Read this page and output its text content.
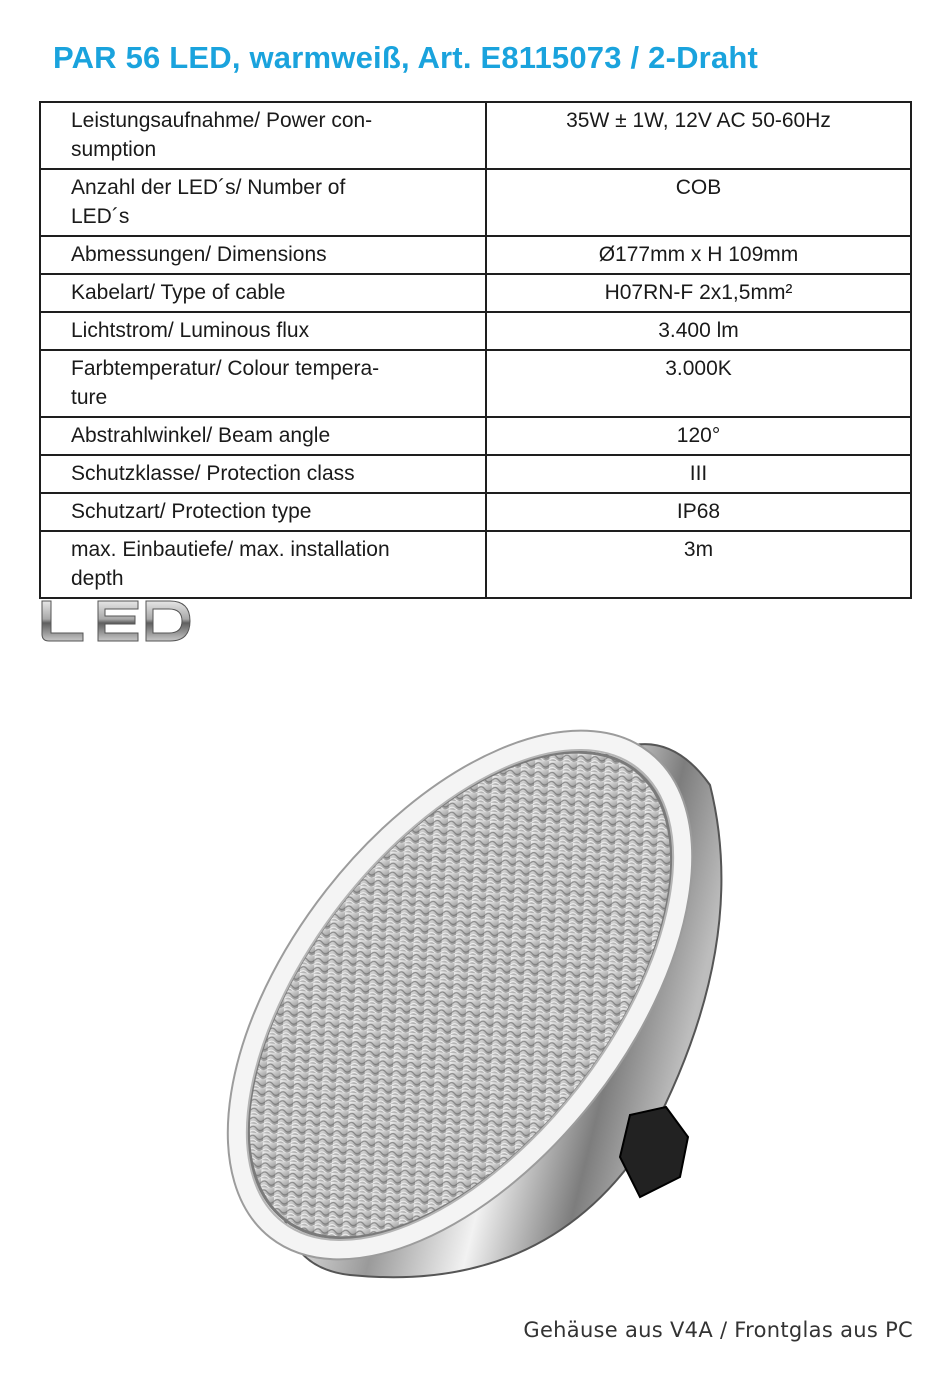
PAR 56 LED, warmweiß, Art. E8115073 / 2-Draht
Leistungsaufnahme/ Power con-
sumption	35W ± 1W, 12V AC 50-60Hz

Anzahl der LED´s/ Number of
LED´s	COB
Abmessungen/ Dimensions	Ø177mm x H 109mm
Kabelart/ Type of cable	H07RN-F 2x1,5mm²
Lichtstrom/ Luminous flux	3.400 lm

Farbtemperatur/ Colour tempera-
ture	3.000K
Abstrahlwinkel/ Beam angle	120°
Schutzklasse/ Protection class	III
Schutzart/ Protection type	IP68

max. Einbautiefe/ max. installation
depth	3m
Gehäuse aus V4A / Frontglas aus PC
